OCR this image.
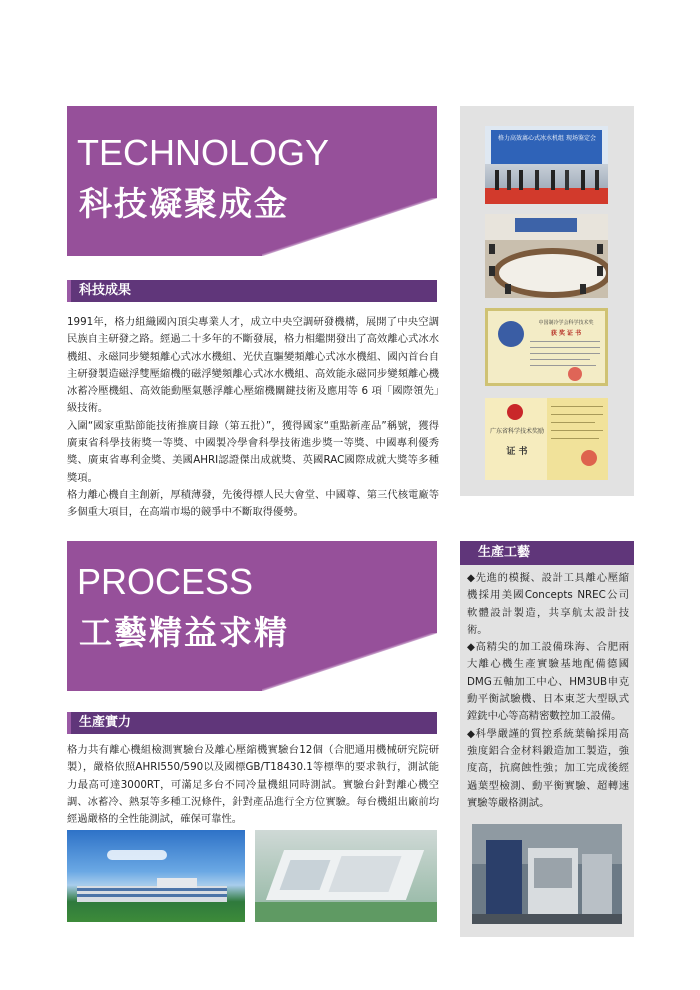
TECHNOLOGY
科技凝聚成金
科技成果

1991年，格力組織國內頂尖專業人才，成立中央空調研發機構，展開了中央空調民族自主研發之路。經過二十多年的不斷發展，格力相繼開發出了高效離心式冰水機組、永磁同步變頻離心式冰水機組、光伏直驅變頻離心式冰水機組、國內首台自主研發製造磁浮雙壓縮機的磁浮變頻離心式冰水機組、高效能永磁同步變頻離心機冰蓄冷壓機組、高效能動壓氣懸浮離心壓縮機關鍵技術及應用等 6 項「國際領先」級技術。

入圍“國家重點節能技術推廣目錄（第五批）”，獲得國家“重點新產品”稱號，獲得廣東省科學技術獎一等獎、中國製冷學會科學技術進步獎一等獎、中國專利優秀獎、廣東省專利金獎、美國AHRI認證傑出成就獎、英國RAC國際成就大獎等多種獎項。

格力離心機自主創新，厚積薄發，先後得標人民大會堂、中國尊、第三代核電廠等多個重大項目，在高端市場的競爭中不斷取得優勢。

格力高效离心式冰水机组 现场鉴定会
中国制冷学会科学技术奖
获 奖 证 书
广东省科学技术奖励
证 书
PROCESS
工藝精益求精
生產實力

格力共有離心機組檢測實驗台及離心壓縮機實驗台12個（合肥通用機械研究院研製），嚴格依照AHRI550/590以及國標GB/T18430.1等標準的要求執行，測試能力最高可達3000RT，可滿足多台不同冷量機組同時測試。實驗台針對離心機空調、冰蓄冷、熱泵等多種工況條件，針對產品進行全方位實驗。每台機組出廠前均經過嚴格的全性能測試，確保可靠性。

生產工藝

◆先進的模擬、設計工具離心壓縮機採用美國Concepts NREC公司軟體設計製造，共享航太設計技術。

◆高精尖的加工設備珠海、合肥兩大離心機生產實驗基地配備德國DMG五軸加工中心、HM3UB申克動平衡試驗機、日本東芝大型臥式鏜銑中心等高精密數控加工設備。

◆科學嚴謹的質控系統葉輪採用高強度鋁合金材料鍛造加工製造，強度高，抗腐蝕性強；加工完成後經過葉型檢測、動平衡實驗、超轉速實驗等嚴格測試。
